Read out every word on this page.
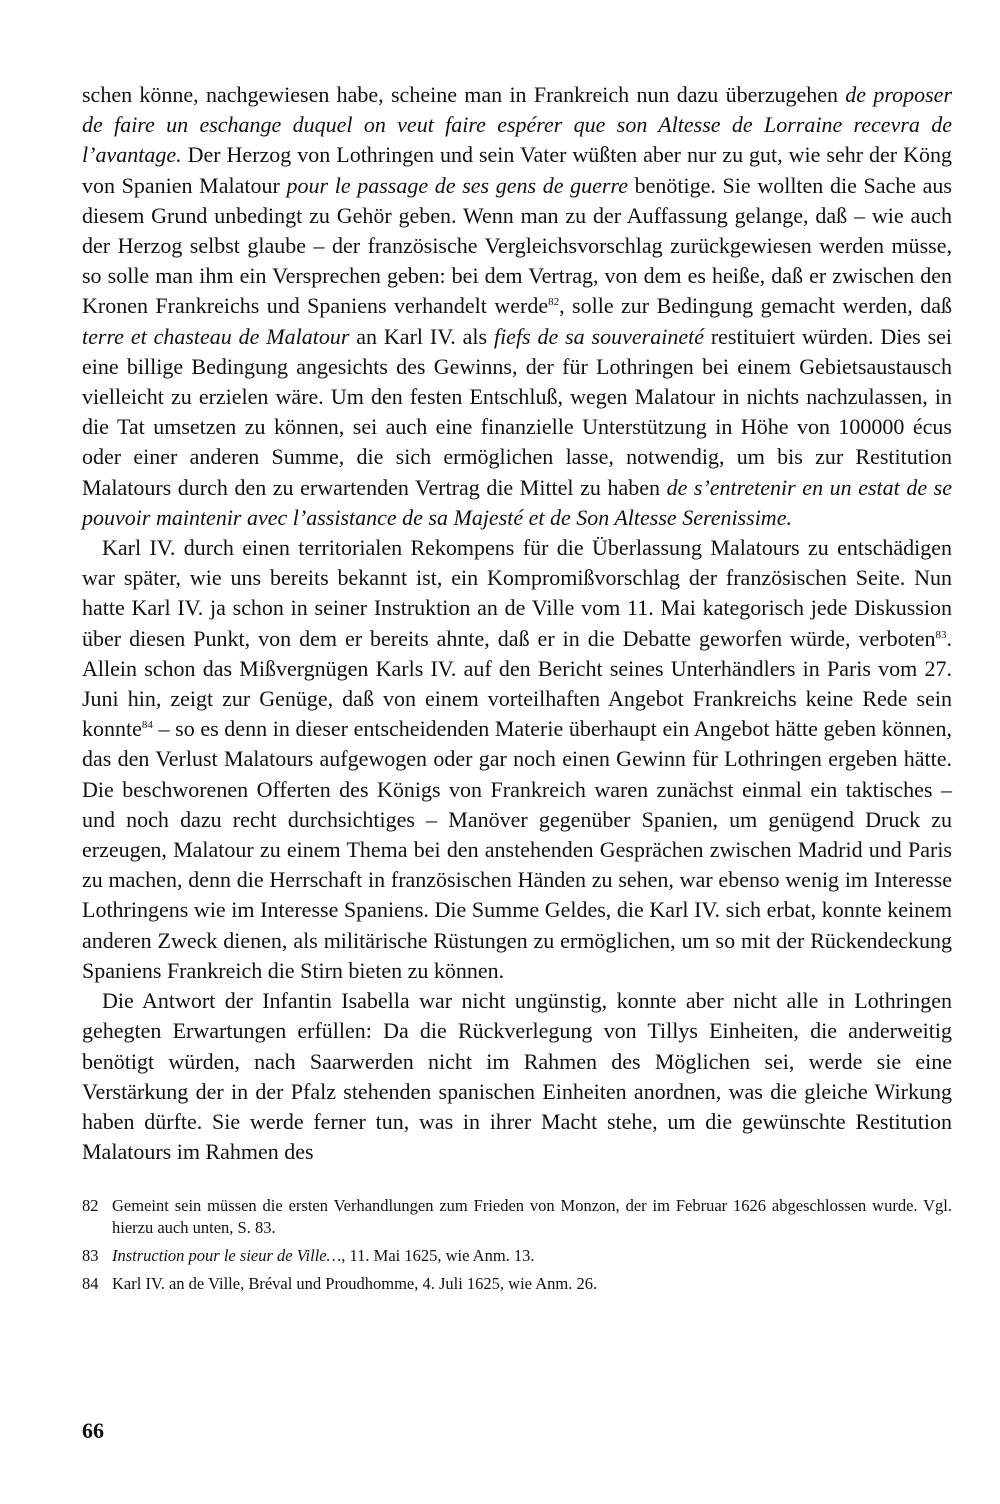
schen könne, nachgewiesen habe, scheine man in Frankreich nun dazu überzugehen de proposer de faire un eschange duquel on veut faire espérer que son Altesse de Lorraine recevra de l’avantage. Der Herzog von Lothringen und sein Vater wüßten aber nur zu gut, wie sehr der Köng von Spanien Malatour pour le passage de ses gens de guerre benötige. Sie wollten die Sache aus diesem Grund unbedingt zu Gehör geben. Wenn man zu der Auffassung gelange, daß – wie auch der Herzog selbst glaube – der französische Vergleichsvorschlag zurückgewiesen werden müsse, so solle man ihm ein Versprechen geben: bei dem Vertrag, von dem es heiße, daß er zwischen den Kronen Frankreichs und Spaniens verhandelt werde$^{82}$, solle zur Bedingung gemacht werden, daß terre et chasteau de Malatour an Karl IV. als fiefs de sa souveraineté restituiert würden. Dies sei eine billige Bedingung angesichts des Gewinns, der für Lothringen bei einem Gebietsaustausch vielleicht zu erzielen wäre. Um den festen Entschluß, wegen Malatour in nichts nachzulassen, in die Tat umsetzen zu können, sei auch eine finanzielle Unterstützung in Höhe von 100000 écus oder einer anderen Summe, die sich ermöglichen lasse, notwendig, um bis zur Restitution Malatours durch den zu erwartenden Vertrag die Mittel zu haben de s’entretenir en un estat de se pouvoir maintenir avec l’assistance de sa Majesté et de Son Altesse Serenissime.

Karl IV. durch einen territorialen Rekompens für die Überlassung Malatours zu entschädigen war später, wie uns bereits bekannt ist, ein Kompromißvorschlag der französischen Seite. Nun hatte Karl IV. ja schon in seiner Instruktion an de Ville vom 11. Mai kategorisch jede Diskussion über diesen Punkt, von dem er bereits ahnte, daß er in die Debatte geworfen würde, verboten$^{83}$. Allein schon das Mißvergnügen Karls IV. auf den Bericht seines Unterhändlers in Paris vom 27. Juni hin, zeigt zur Genüge, daß von einem vorteilhaften Angebot Frankreichs keine Rede sein konnte$^{84}$ – so es denn in dieser entscheidenden Materie überhaupt ein Angebot hätte geben können, das den Verlust Malatours aufgewogen oder gar noch einen Gewinn für Lothringen ergeben hätte. Die beschworenen Offerten des Königs von Frankreich waren zunächst einmal ein taktisches – und noch dazu recht durchsichtiges – Manöver gegenüber Spanien, um genügend Druck zu erzeugen, Malatour zu einem Thema bei den anstehenden Gesprächen zwischen Madrid und Paris zu machen, denn die Herrschaft in französischen Händen zu sehen, war ebenso wenig im Interesse Lothringens wie im Interesse Spaniens. Die Summe Geldes, die Karl IV. sich erbat, konnte keinem anderen Zweck dienen, als militärische Rüstungen zu ermöglichen, um so mit der Rückendeckung Spaniens Frankreich die Stirn bieten zu können.

Die Antwort der Infantin Isabella war nicht ungünstig, konnte aber nicht alle in Lothringen gehegten Erwartungen erfüllen: Da die Rückverlegung von Tillys Einheiten, die anderweitig benötigt würden, nach Saarwerden nicht im Rahmen des Möglichen sei, werde sie eine Verstärkung der in der Pfalz stehenden spanischen Einheiten anordnen, was die gleiche Wirkung haben dürfte. Sie werde ferner tun, was in ihrer Macht stehe, um die gewünschte Restitution Malatours im Rahmen des

82 Gemeint sein müssen die ersten Verhandlungen zum Frieden von Monzon, der im Februar 1626 abgeschlossen wurde. Vgl. hierzu auch unten, S. 83.
83 Instruction pour le sieur de Ville…, 11. Mai 1625, wie Anm. 13.
84 Karl IV. an de Ville, Bréval und Proudhomme, 4. Juli 1625, wie Anm. 26.
66
